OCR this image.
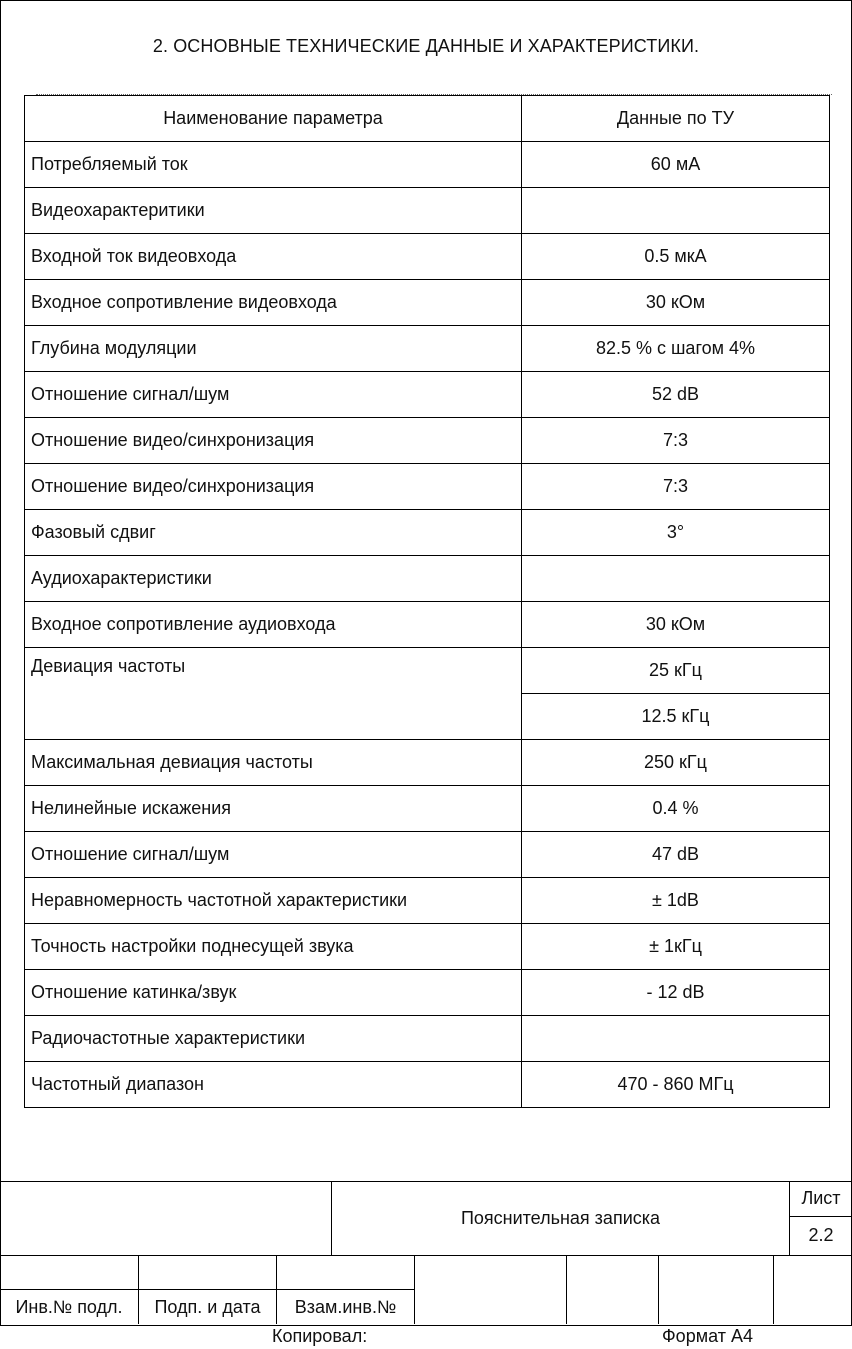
2. ОСНОВНЫЕ ТЕХНИЧЕСКИЕ ДАННЫЕ И ХАРАКТЕРИСТИКИ.
Наименование параметра	Данные по ТУ
Потребляемый ток	60 мА
Видеохарактеритики	
Входной ток видеовхода	0.5 мкА
Входное сопротивление видеовхода	30 кОм
Глубина модуляции	82.5 % с шагом 4%
Отношение сигнал/шум	52 dB
Отношение видео/синхронизация	7:3
Отношение видео/синхронизация	7:3
Фазовый сдвиг	3°
Аудиохарактеристики	
Входное сопротивление аудиовхода	30 кОм
Девиация частоты	25 кГц
	12.5 кГц
Максимальная девиация частоты	250 кГц
Нелинейные искажения	0.4 %
Отношение сигнал/шум	47 dB
Неравномерность частотной характеристики	± 1dB
Точность настройки поднесущей звука	± 1кГц
Отношение катинка/звук	- 12 dB
Радиочастотные характеристики	
Частотный диапазон	470 - 860 МГц
Пояснительная записка
Лист
2.2
Инв.№ подл.	Подп. и дата	Взам.инв.№
Копировал:	Формат А4
